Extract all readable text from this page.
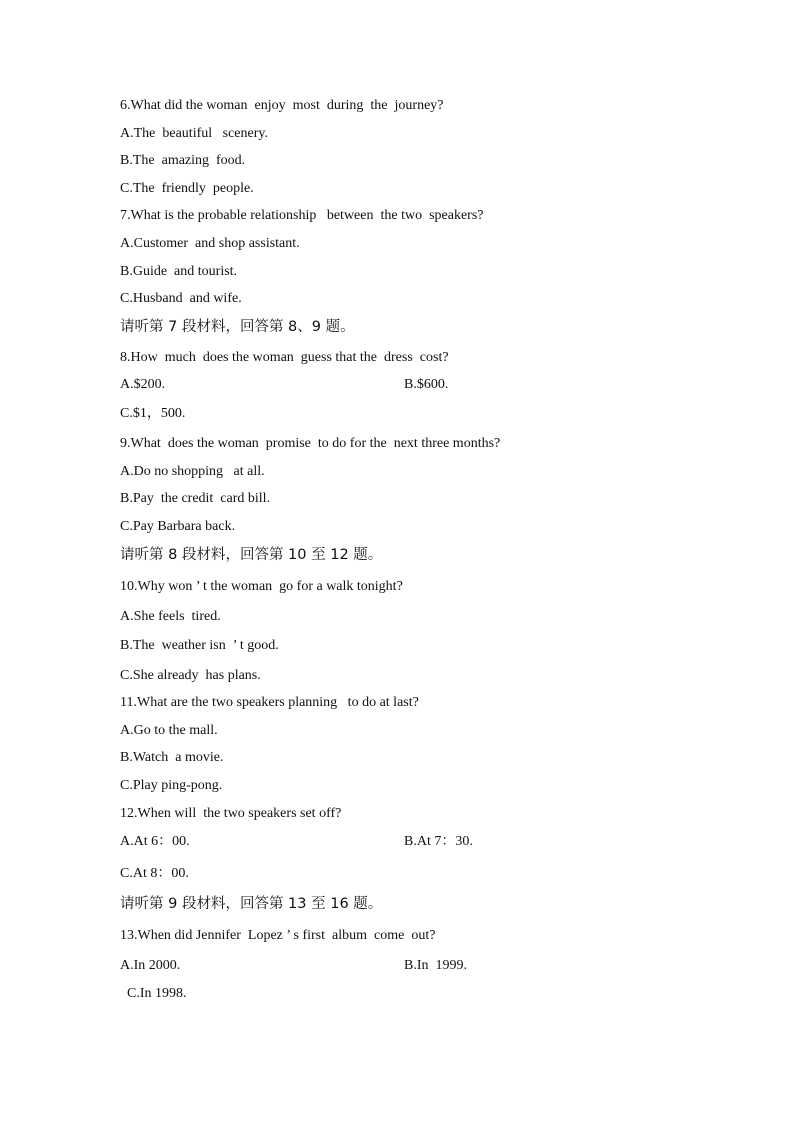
6.What did the woman  enjoy  most  during  the  journey?
A.The  beautiful   scenery.
B.The  amazing  food.
C.The  friendly  people.
7.What is the probable relationship   between  the two  speakers?
A.Customer  and shop assistant.
B.Guide  and tourist.
C.Husband  and wife.
请听第 7 段材料，回答第 8、9 题。
8.How  much  does the woman  guess that the  dress  cost?
A.$200.	B.$600.
C.$1，500.
9.What  does the woman  promise  to do for the  next three months?
A.Do no shopping   at all.
B.Pay  the credit  card bill.
C.Pay Barbara back.
请听第 8 段材料，回答第 10 至 12 题。
10.Why won ’ t the woman  go for a walk tonight?
A.She feels  tired.
B.The  weather isn  ’ t good.
C.She already  has plans.
11.What are the two speakers planning   to do at last?
A.Go to the mall.
B.Watch  a movie.
C.Play ping-pong.
12.When will  the two speakers set off?
A.At 6：00.	B.At 7：30.
C.At 8：00.
请听第 9 段材料，回答第 13 至 16 题。
13.When did Jennifer  Lopez ’ s first  album  come  out?
A.In 2000.	B.In  1999.
C.In 1998.
